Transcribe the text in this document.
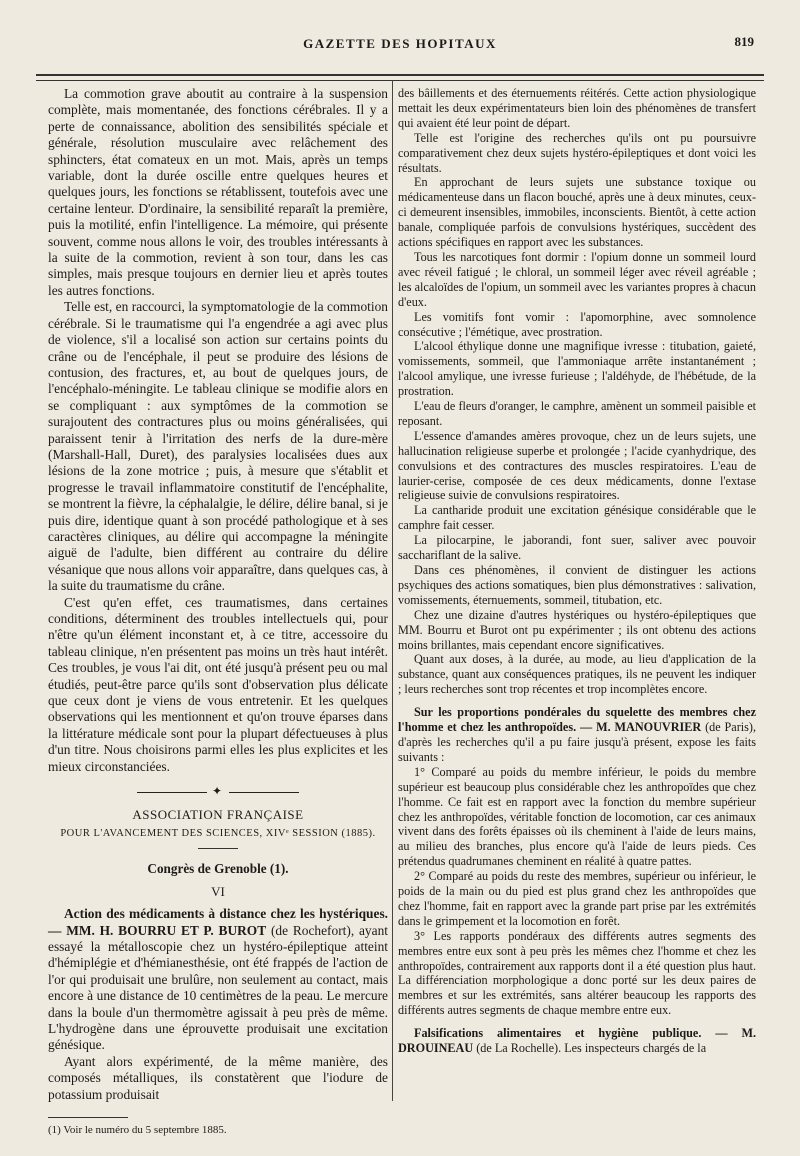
GAZETTE DES HOPITAUX	819

La commotion grave aboutit au contraire à la suspension complète, mais momentanée, des fonctions cérébrales. Il y a perte de connaissance, abolition des sensibilités spéciale et générale, résolution musculaire avec relâchement des sphincters, état comateux en un mot. Mais, après un temps variable, dont la durée oscille entre quelques heures et quelques jours, les fonctions se rétablissent, toutefois avec une certaine lenteur. D'ordinaire, la sensibilité reparaît la première, puis la motilité, enfin l'intelligence. La mémoire, qui présente souvent, comme nous allons le voir, des troubles intéressants à la suite de la commotion, revient à son tour, dans les cas simples, mais presque toujours en dernier lieu et après toutes les autres fonctions.

Telle est, en raccourci, la symptomatologie de la commotion cérébrale. Si le traumatisme qui l'a engendrée a agi avec plus de violence, s'il a localisé son action sur certains points du crâne ou de l'encéphale, il peut se produire des lésions de contusion, des fractures, et, au bout de quelques jours, de l'encéphalo-méningite. Le tableau clinique se modifie alors en se compliquant : aux symptômes de la commotion se surajoutent des contractures plus ou moins généralisées, qui paraissent tenir à l'irritation des nerfs de la dure-mère (Marshall-Hall, Duret), des paralysies localisées dues aux lésions de la zone motrice ; puis, à mesure que s'établit et progresse le travail inflammatoire constitutif de l'encéphalite, se montrent la fièvre, la céphalalgie, le délire, délire banal, si je puis dire, identique quant à son procédé pathologique et à ses caractères cliniques, au délire qui accompagne la méningite aiguë de l'adulte, bien différent au contraire du délire vésanique que nous allons voir apparaître, dans quelques cas, à la suite du traumatisme du crâne.

C'est qu'en effet, ces traumatismes, dans certaines conditions, déterminent des troubles intellectuels qui, pour n'être qu'un élément inconstant et, à ce titre, accessoire du tableau clinique, n'en présentent pas moins un très haut intérêt. Ces troubles, je vous l'ai dit, ont été jusqu'à présent peu ou mal étudiés, peut-être parce qu'ils sont d'observation plus délicate que ceux dont je viens de vous entretenir. Et les quelques observations qui les mentionnent et qu'on trouve éparses dans la littérature médicale sont pour la plupart défectueuses à plus d'un titre. Nous choisirons parmi elles les plus explicites et les mieux circonstanciées.

✦
ASSOCIATION FRANÇAISE
POUR L'AVANCEMENT DES SCIENCES, XIVᵉ SESSION (1885).
Congrès de Grenoble (1).
VI

Action des médicaments à distance chez les hystériques. — MM. H. BOURRU ET P. BUROT (de Rochefort), ayant essayé la métalloscopie chez un hystéro-épileptique atteint d'hémiplégie et d'hémianesthésie, ont été frappés de l'action de l'or qui produisait une brulûre, non seulement au contact, mais encore à une distance de 10 centimètres de la peau. Le mercure dans la boule d'un thermomètre agissait à peu près de même. L'hydrogène dans une éprouvette produisait une excitation génésique.

Ayant alors expérimenté, de la même manière, des composés métalliques, ils constatèrent que l'iodure de potassium produisait

(1) Voir le numéro du 5 septembre 1885.

des bâillements et des éternuements réitérés. Cette action physiologique mettait les deux expérimentateurs bien loin des phénomènes de transfert qui avaient été leur point de départ.

Telle est l'origine des recherches qu'ils ont pu poursuivre comparativement chez deux sujets hystéro-épileptiques et dont voici les résultats.

En approchant de leurs sujets une substance toxique ou médicamenteuse dans un flacon bouché, après une à deux minutes, ceux-ci demeurent insensibles, immobiles, inconscients. Bientôt, à cette action banale, compliquée parfois de convulsions hystériques, succèdent des actions spécifiques en rapport avec les substances.

Tous les narcotiques font dormir : l'opium donne un sommeil lourd avec réveil fatigué ; le chloral, un sommeil léger avec réveil agréable ; les alcaloïdes de l'opium, un sommeil avec les variantes propres à chacun d'eux.

Les vomitifs font vomir : l'apomorphine, avec somnolence consécutive ; l'émétique, avec prostration.

L'alcool éthylique donne une magnifique ivresse : titubation, gaieté, vomissements, sommeil, que l'ammoniaque arrête instantanément ; l'alcool amylique, une ivresse furieuse ; l'aldéhyde, de l'hébétude, de la prostration.

L'eau de fleurs d'oranger, le camphre, amènent un sommeil paisible et reposant.

L'essence d'amandes amères provoque, chez un de leurs sujets, une hallucination religieuse superbe et prolongée ; l'acide cyanhydrique, des convulsions et des contractures des muscles respiratoires. L'eau de laurier-cerise, composée de ces deux médicaments, donne l'extase religieuse suivie de convulsions respiratoires.

La cantharide produit une excitation génésique considérable que le camphre fait cesser.

La pilocarpine, le jaborandi, font suer, saliver avec pouvoir sacchariflant de la salive.

Dans ces phénomènes, il convient de distinguer les actions psychiques des actions somatiques, bien plus démonstratives : salivation, vomissements, éternuements, sommeil, titubation, etc.

Chez une dizaine d'autres hystériques ou hystéro-épileptiques que MM. Bourru et Burot ont pu expérimenter ; ils ont obtenu des actions moins brillantes, mais cependant encore significatives.

Quant aux doses, à la durée, au mode, au lieu d'application de la substance, quant aux conséquences pratiques, ils ne peuvent les indiquer ; leurs recherches sont trop récentes et trop incomplètes encore.

Sur les proportions pondérales du squelette des membres chez l'homme et chez les anthropoïdes. — M. MANOUVRIER (de Paris), d'après les recherches qu'il a pu faire jusqu'à présent, expose les faits suivants :

1° Comparé au poids du membre inférieur, le poids du membre supérieur est beaucoup plus considérable chez les anthropoïdes que chez l'homme. Ce fait est en rapport avec la fonction du membre supérieur chez les anthropoïdes, véritable fonction de locomotion, car ces animaux vivent dans des forêts épaisses où ils cheminent à l'aide de leurs mains, au milieu des branches, plus encore qu'à l'aide de leurs pieds. Ces prétendus quadrumanes cheminent en réalité à quatre pattes.

2° Comparé au poids du reste des membres, supérieur ou inférieur, le poids de la main ou du pied est plus grand chez les anthropoïdes que chez l'homme, fait en rapport avec la grande part prise par les extrémités dans le grimpement et la locomotion en forêt.

3° Les rapports pondéraux des différents autres segments des membres entre eux sont à peu près les mêmes chez l'homme et chez les anthropoïdes, contrairement aux rapports dont il a été question plus haut. La différenciation morphologique a donc porté sur les deux paires de membres et sur les extrémités, sans altérer beaucoup les rapports des différents autres segments de chaque membre entre eux.

Falsifications alimentaires et hygiène publique. — M. DROUINEAU (de La Rochelle). Les inspecteurs chargés de la
